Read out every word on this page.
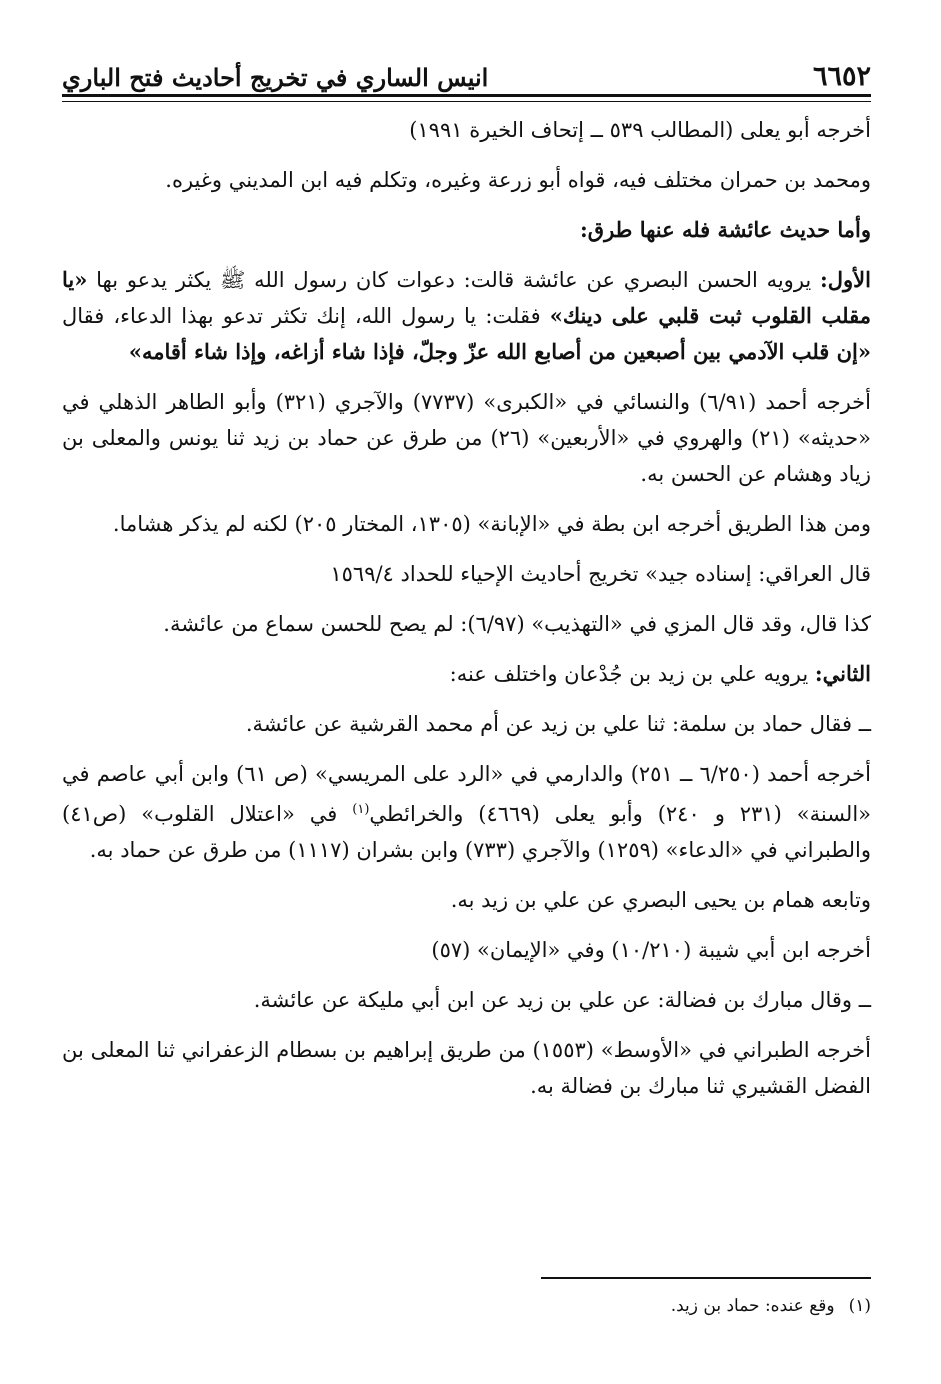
٦٦٥٢
انيس الساري في تخريج أحاديث فتح الباري

أخرجه أبو يعلى (المطالب ٥٣٩ ــ إتحاف الخيرة ١٩٩١)

ومحمد بن حمران مختلف فيه، قواه أبو زرعة وغيره، وتكلم فيه ابن المديني وغيره.

وأما حديث عائشة فله عنها طرق:

الأول: يرويه الحسن البصري عن عائشة قالت: دعوات كان رسول الله ﷺ يكثر يدعو بها «يا مقلب القلوب ثبت قلبي على دينك» فقلت: يا رسول الله، إنك تكثر تدعو بهذا الدعاء، فقال «إن قلب الآدمي بين أصبعين من أصابع الله عزّ وجلّ، فإذا شاء أزاغه، وإذا شاء أقامه»

أخرجه أحمد (٦/٩١) والنسائي في «الكبرى» (٧٧٣٧) والآجري (٣٢١) وأبو الطاهر الذهلي في «حديثه» (٢١) والهروي في «الأربعين» (٢٦) من طرق عن حماد بن زيد ثنا يونس والمعلى بن زياد وهشام عن الحسن به.

ومن هذا الطريق أخرجه ابن بطة في «الإبانة» (١٣٠٥، المختار ٢٠٥) لكنه لم يذكر هشاما.

قال العراقي: إسناده جيد» تخريج أحاديث الإحياء للحداد ١٥٦٩/٤

كذا قال، وقد قال المزي في «التهذيب» (٦/٩٧): لم يصح للحسن سماع من عائشة.

الثاني: يرويه علي بن زيد بن جُدْعان واختلف عنه:

ــ فقال حماد بن سلمة: ثنا علي بن زيد عن أم محمد القرشية عن عائشة.

أخرجه أحمد (٦/٢٥٠ ــ ٢٥١) والدارمي في «الرد على المريسي» (ص ٦١) وابن أبي عاصم في «السنة» (٢٣١ و ٢٤٠) وأبو يعلى (٤٦٦٩) والخرائطي$^{(١)}$ في «اعتلال القلوب» (ص٤١) والطبراني في «الدعاء» (١٢٥٩) والآجري (٧٣٣) وابن بشران (١١١٧) من طرق عن حماد به.

وتابعه همام بن يحيى البصري عن علي بن زيد به.

أخرجه ابن أبي شيبة (١٠/٢١٠) وفي «الإيمان» (٥٧)

ــ وقال مبارك بن فضالة: عن علي بن زيد عن ابن أبي مليكة عن عائشة.

أخرجه الطبراني في «الأوسط» (١٥٥٣) من طريق إبراهيم بن بسطام الزعفراني ثنا المعلى بن الفضل القشيري ثنا مبارك بن فضالة به.

(١)وقع عنده: حماد بن زيد.
